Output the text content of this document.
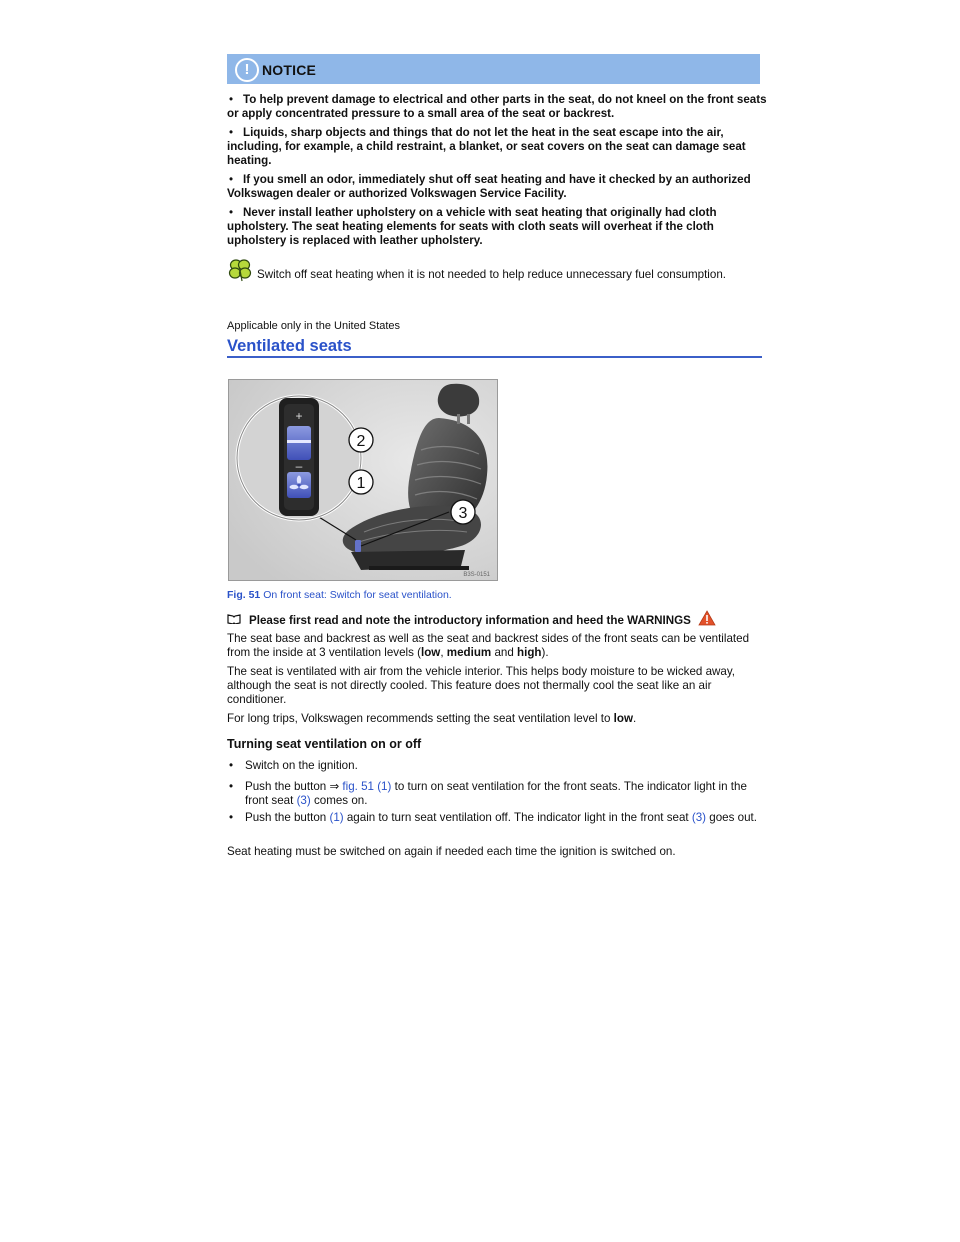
! NOTICE
• To help prevent damage to electrical and other parts in the seat, do not kneel on the front seats or apply concentrated pressure to a small area of the seat or backrest.
• Liquids, sharp objects and things that do not let the heat in the seat escape into the air, including, for example, a child restraint, a blanket, or seat covers on the seat can damage seat heating.
• If you smell an odor, immediately shut off seat heating and have it checked by an authorized Volkswagen dealer or authorized Volkswagen Service Facility.
• Never install leather upholstery on a vehicle with seat heating that originally had cloth upholstery. The seat heating elements for seats with cloth seats will overheat if the cloth upholstery is replaced with leather upholstery.
Switch off seat heating when it is not needed to help reduce unnecessary fuel consumption.
Applicable only in the United States
Ventilated seats
+
–
2
1
3
B3S-0151
Fig. 51 On front seat: Switch for seat ventilation.
Please first read and note the introductory information and heed the WARNINGS
The seat base and backrest as well as the seat and backrest sides of the front seats can be ventilated from the inside at 3 ventilation levels (low, medium and high).
The seat is ventilated with air from the vehicle interior. This helps body moisture to be wicked away, although the seat is not directly cooled. This feature does not thermally cool the seat like an air conditioner.
For long trips, Volkswagen recommends setting the seat ventilation level to low.
Turning seat ventilation on or off
• Switch on the ignition.
• Push the button ⇒ fig. 51 (1) to turn on seat ventilation for the front seats. The indicator light in the front seat (3) comes on.
• Push the button (1) again to turn seat ventilation off. The indicator light in the front seat (3) goes out.
Seat heating must be switched on again if needed each time the ignition is switched on.
